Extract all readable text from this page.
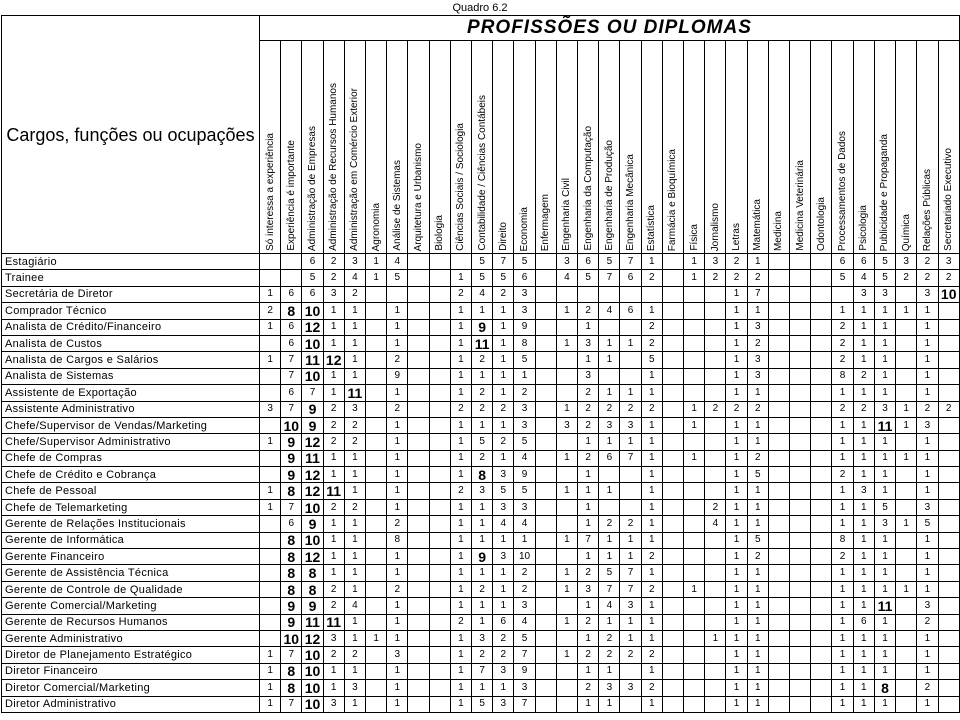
Quadro 6.2
Cargos, funções ou ocupações	PROFISSÕES OU DIPLOMAS																																

	Só interessa a experiência	Experiência é importante	Administração de Empresas	Administração de Recursos Humanos	Administração em Comércio Exterior	Agronomia	Análise de Sistemas	Arquitetura e Urbanismo	Biologia	Ciências Sociais / Sociologia	Contabilidade / Ciências Contábeis	Direito	Economia	Enfermagem	Engenharia Civil	Engenharia da Computação	Engenharia de Produção	Engenharia Mecânica	Estatística	Farmácia e Bioquímica	Física	Jornalismo	Letras	Matemática	Medicina	Medicina Veterinária	Odontologia	Processamentos de Dados	Psicologia	Publicidade e Propaganda	Química	Relações Públicas	Secretariado Executivo

Estagiário			6	2	3	1	4				5	7	5		3	6	5	7	1		1	3	2	1				6	6	5	3	2	3
Trainee			5	2	4	1	5			1	5	5	6		4	5	7	6	2		1	2	2	2				5	4	5	2	2	2
Secretária de Diretor	1	6	6	3	2					2	4	2	3										1	7					3	3		3	10
Comprador Técnico	2	8	10	1	1		1			1	1	1	3		1	2	4	6	1				1	1				1	1	1	1	1	
Analista de Crédito/Financeiro	1	6	12	1	1		1			1	9	1	9			1			2				1	3				2	1	1		1	
Analista de Custos		6	10	1	1		1			1	11	1	8		1	3	1	1	2				1	2				2	1	1		1	
Analista de Cargos e Salários	1	7	11	12	1		2			1	2	1	5			1	1		5				1	3				2	1	1		1	
Analista de Sistemas		7	10	1	1		9			1	1	1	1			3			1				1	3				8	2	1		1	
Assistente de Exportação		6	7	1	11		1			1	2	1	2			2	1	1	1				1	1				1	1	1		1	
Assistente Administrativo	3	7	9	2	3		2			2	2	2	3		1	2	2	2	2		1	2	2	2				2	2	3	1	2	2
Chefe/Supervisor de Vendas/Marketing		10	9	2	2		1			1	1	1	3		3	2	3	3	1		1		1	1				1	1	11	1	3	
Chefe/Supervisor Administrativo	1	9	12	2	2		1			1	5	2	5			1	1	1	1				1	1				1	1	1		1	
Chefe de Compras		9	11	1	1		1			1	2	1	4		1	2	6	7	1		1		1	2				1	1	1	1	1	
Chefe de Crédito e Cobrança		9	12	1	1		1			1	8	3	9			1			1				1	5				2	1	1		1	
Chefe de Pessoal	1	8	12	11	1		1			2	3	5	5		1	1	1		1				1	1				1	3	1		1	
Chefe de Telemarketing	1	7	10	2	2		1			1	1	3	3			1			1			2	1	1				1	1	5		3	
Gerente de Relações Institucionais		6	9	1	1		2			1	1	4	4			1	2	2	1			4	1	1				1	1	3	1	5	
Gerente de Informática		8	10	1	1		8			1	1	1	1		1	7	1	1	1				1	5				8	1	1		1	
Gerente Financeiro		8	12	1	1		1			1	9	3	10			1	1	1	2				1	2				2	1	1		1	
Gerente de Assistência Técnica		8	8	1	1		1			1	1	1	2		1	2	5	7	1				1	1				1	1	1		1	
Gerente de Controle de Qualidade		8	8	2	1		2			1	2	1	2		1	3	7	7	2		1		1	1				1	1	1	1	1	
Gerente Comercial/Marketing		9	9	2	4		1			1	1	1	3			1	4	3	1				1	1				1	1	11		3	
Gerente de Recursos Humanos		9	11	11	1		1			2	1	6	4		1	2	1	1	1				1	1				1	6	1		2	
Gerente Administrativo		10	12	3	1	1	1			1	3	2	5			1	2	1	1			1	1	1				1	1	1		1	
Diretor de Planejamento Estratégico	1	7	10	2	2		3			1	2	2	7		1	2	2	2	2				1	1				1	1	1		1	
Diretor Financeiro	1	8	10	1	1		1			1	7	3	9			1	1		1				1	1				1	1	1		1	
Diretor Comercial/Marketing	1	8	10	1	3		1			1	1	1	3			2	3	3	2				1	1				1	1	8		2	
Diretor Administrativo	1	7	10	3	1		1			1	5	3	7			1	1		1				1	1				1	1	1		1	
